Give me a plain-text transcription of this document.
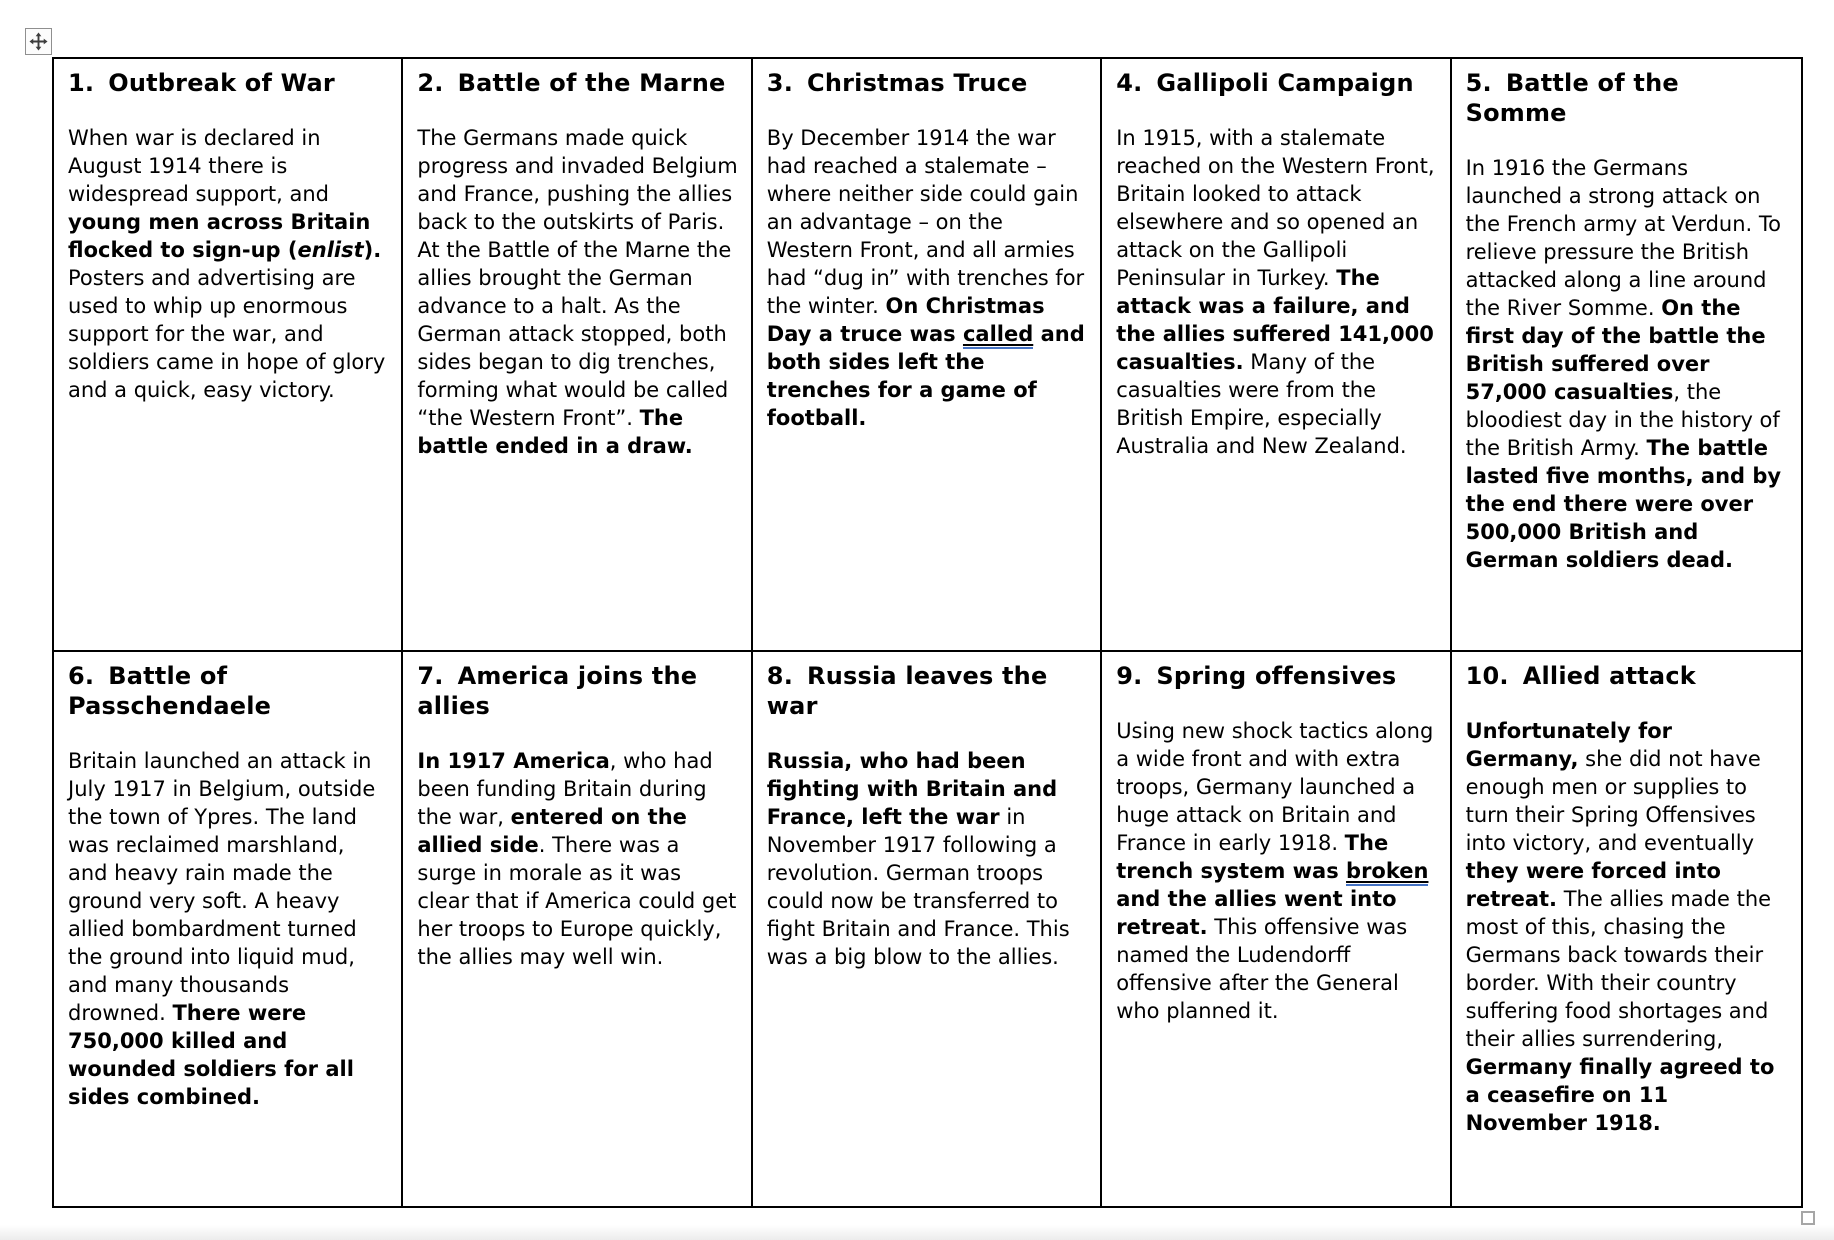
1. Outbreak of War
When war is declared in August 1914 there is widespread support, and young men across Britain flocked to sign-up (enlist). Posters and advertising are used to whip up enormous support for the war, and soldiers came in hope of glory and a quick, easy victory.
2. Battle of the Marne
The Germans made quick progress and invaded Belgium and France, pushing the allies back to the outskirts of Paris. At the Battle of the Marne the allies brought the German advance to a halt. As the German attack stopped, both sides began to dig trenches, forming what would be called “the Western Front”. The battle ended in a draw.
3. Christmas Truce
By December 1914 the war had reached a stalemate – where neither side could gain an advantage – on the Western Front, and all armies had “dug in” with trenches for the winter. On Christmas Day a truce was called and both sides left the trenches for a game of football.
4. Gallipoli Campaign
In 1915, with a stalemate reached on the Western Front, Britain looked to attack elsewhere and so opened an attack on the Gallipoli Peninsular in Turkey. The attack was a failure, and the allies suffered 141,000 casualties. Many of the casualties were from the British Empire, especially Australia and New Zealand.
5. Battle of the Somme
In 1916 the Germans launched a strong attack on the French army at Verdun. To relieve pressure the British attacked along a line around the River Somme. On the first day of the battle the British suffered over 57,000 casualties, the bloodiest day in the history of the British Army. The battle lasted five months, and by the end there were over 500,000 British and German soldiers dead.
6. Battle of Passchendaele
Britain launched an attack in July 1917 in Belgium, outside the town of Ypres. The land was reclaimed marshland, and heavy rain made the ground very soft. A heavy allied bombardment turned the ground into liquid mud, and many thousands drowned. There were 750,000 killed and wounded soldiers for all sides combined.
7. America joins the allies
In 1917 America, who had been funding Britain during the war, entered on the allied side. There was a surge in morale as it was clear that if America could get her troops to Europe quickly, the allies may well win.
8. Russia leaves the war
Russia, who had been fighting with Britain and France, left the war in November 1917 following a revolution. German troops could now be transferred to fight Britain and France. This was a big blow to the allies.
9. Spring offensives
Using new shock tactics along a wide front and with extra troops, Germany launched a huge attack on Britain and France in early 1918. The trench system was broken and the allies went into retreat. This offensive was named the Ludendorff offensive after the General who planned it.
10. Allied attack
Unfortunately for Germany, she did not have enough men or supplies to turn their Spring Offensives into victory, and eventually they were forced into retreat. The allies made the most of this, chasing the Germans back towards their border. With their country suffering food shortages and their allies surrendering, Germany finally agreed to a ceasefire on 11 November 1918.
